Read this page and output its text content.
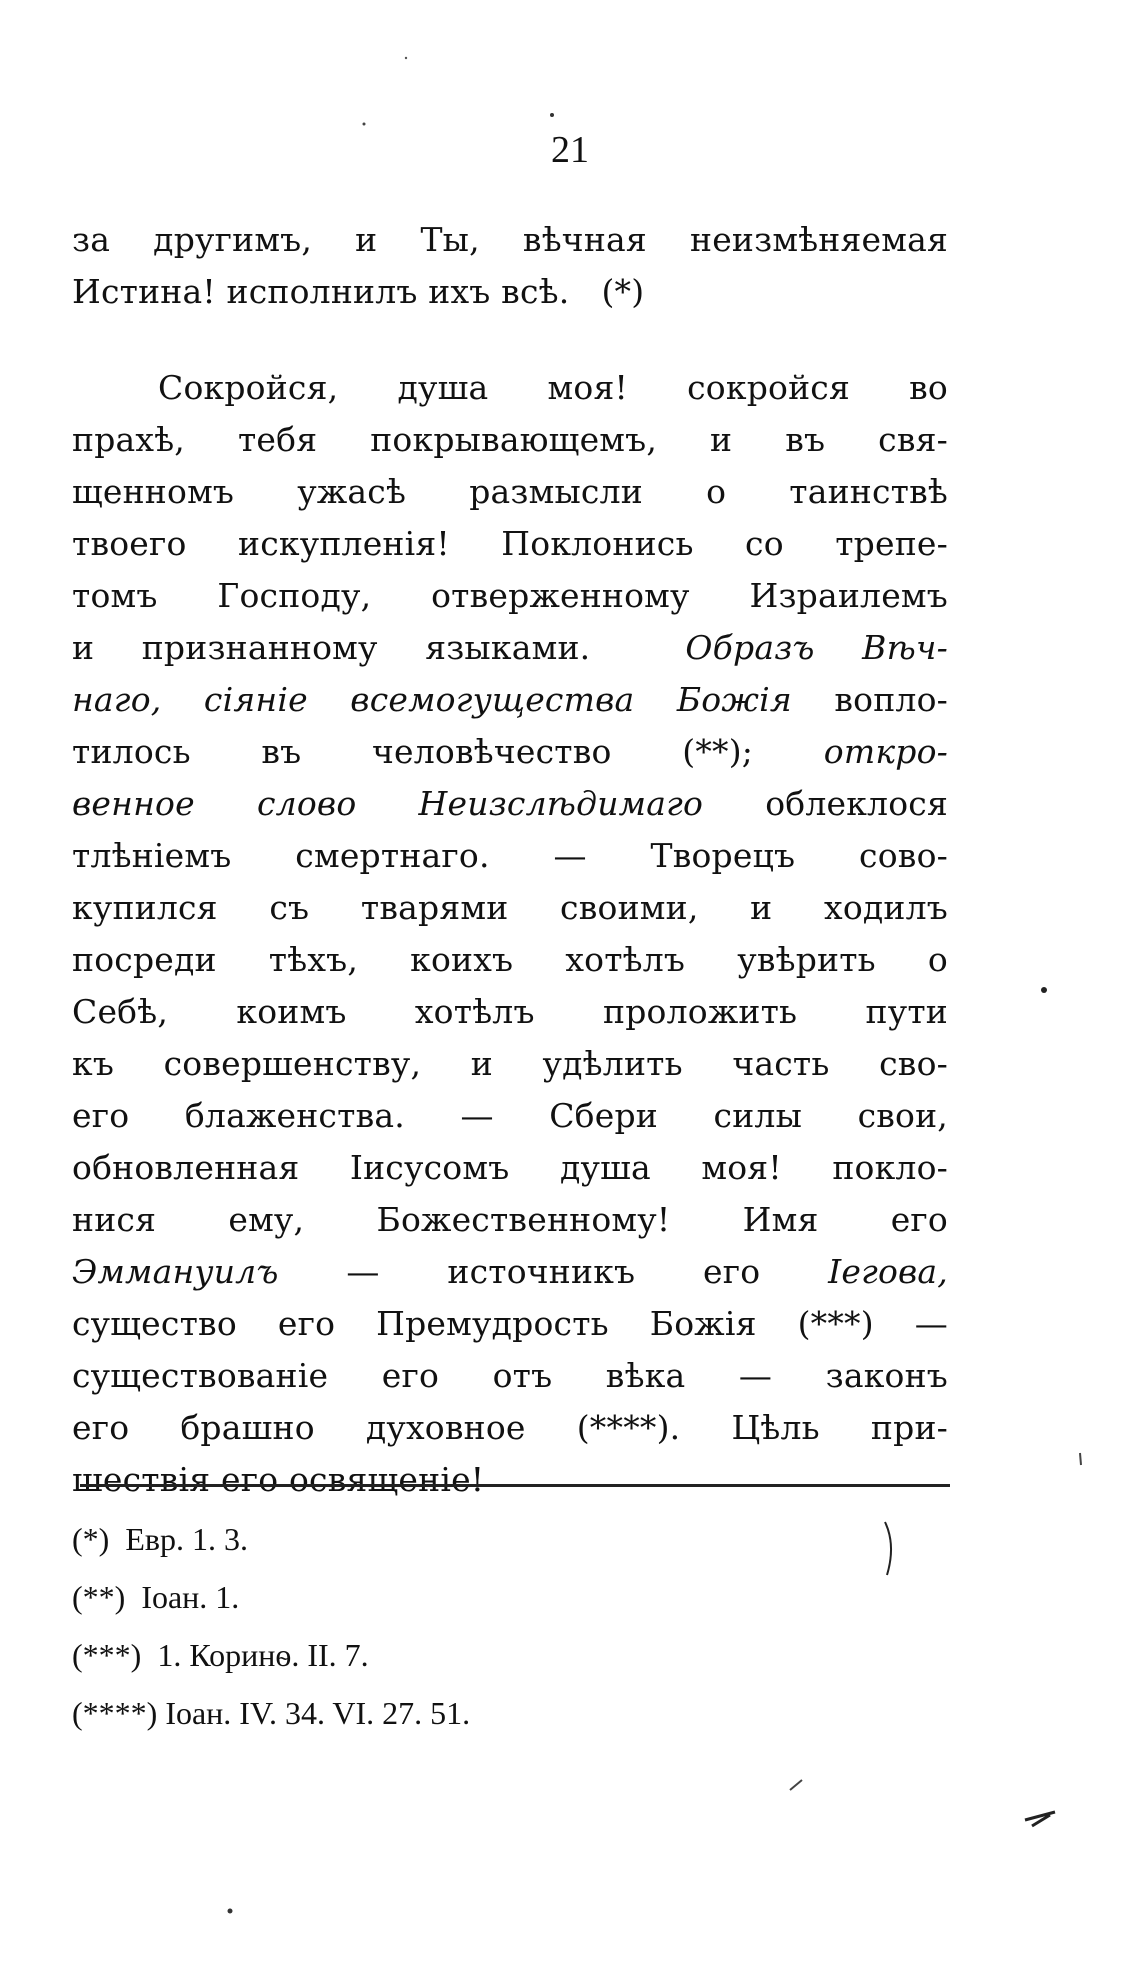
21
за другимъ, и Ты, вѣчная неизмѣняемая
Истина! исполнилъ ихъ всѣ.   (*)
Сокройся, душа моя! сокройся во
прахѣ, тебя покрывающемъ, и въ свя-
щенномъ ужасѣ размысли о таинствѣ
твоего искупленія! Поклонись со трепе-
томъ Господу, отверженному Израилемъ
и признанному языками.  Образъ Вѣч-
наго, сіяніе всемогущества Божія вопло-
тилось въ человѣчество (**); откро-
венное слово Неизслѣдимаго облеклося
тлѣніемъ смертнаго. — Творецъ сово-
купился съ тварями своими, и ходилъ
посреди тѣхъ, коихъ хотѣлъ увѣрить о
Себѣ, коимъ хотѣлъ проложить пути
къ совершенству, и удѣлить часть сво-
его блаженства. — Сбери силы свои,
обновленная Іисусомъ душа моя! покло-
нися ему, Божественному! Имя его
Эммануилъ — источникъ его Iегова,
существо его Премудрость Божія (***) —
существованіе его отъ вѣка — законъ
его брашно духовное (****). Цѣль при-
шествія его освященіе!
(*)  Евр. 1. 3.
(**)  Іоан. 1.
(***)  1. Коринѳ. II. 7.
(****) Іоан. IV. 34. VI. 27. 51.
